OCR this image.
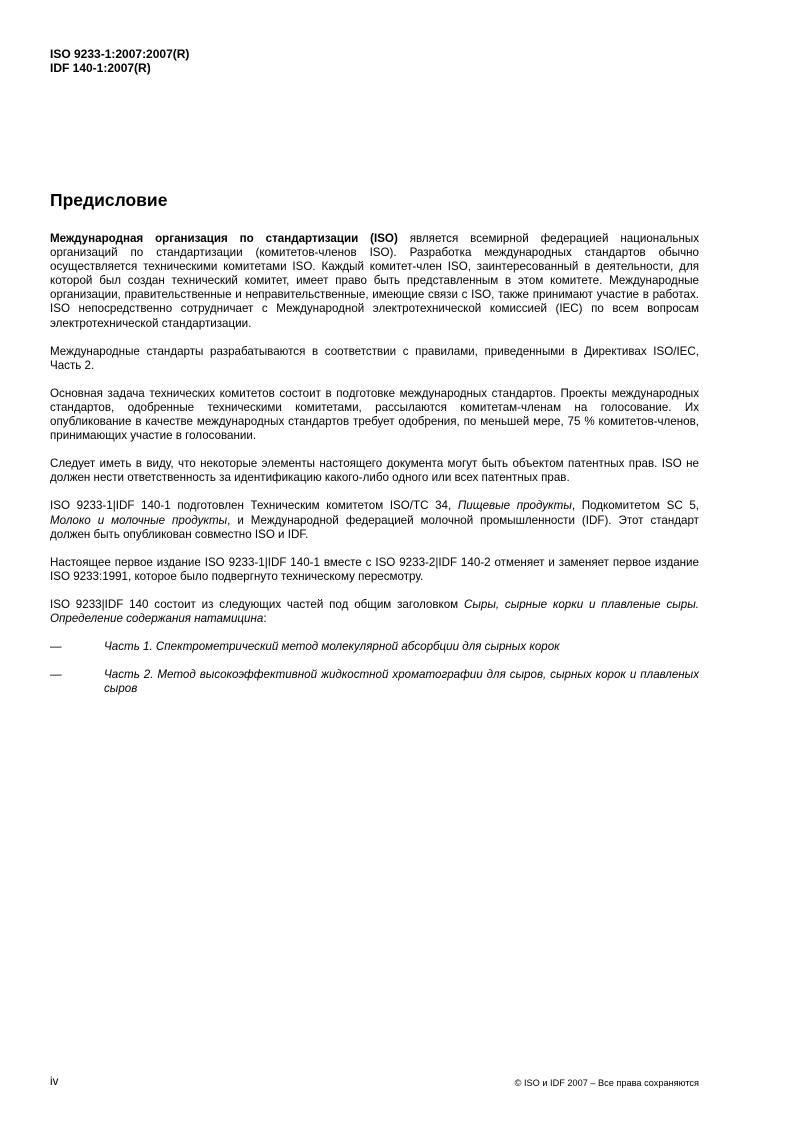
ISO 9233-1:2007:2007(R)
IDF 140-1:2007(R)
Предисловие

Международная организация по стандартизации (ISO) является всемирной федерацией национальных организаций по стандартизации (комитетов-членов ISO). Разработка международных стандартов обычно осуществляется техническими комитетами ISO. Каждый комитет-член ISO, заинтересованный в деятельности, для которой был создан технический комитет, имеет право быть представленным в этом комитете. Международные организации, правительственные и неправительственные, имеющие связи с ISO, также принимают участие в работах. ISO непосредственно сотрудничает с Международной электротехнической комиссией (IEC) по всем вопросам электротехнической стандартизации.

Международные стандарты разрабатываются в соответствии с правилами, приведенными в Директивах ISO/IEC, Часть 2.

Основная задача технических комитетов состоит в подготовке международных стандартов. Проекты международных стандартов, одобренные техническими комитетами, рассылаются комитетам-членам на голосование. Их опубликование в качестве международных стандартов требует одобрения, по меньшей мере, 75 % комитетов-членов, принимающих участие в голосовании.

Следует иметь в виду, что некоторые элементы настоящего документа могут быть объектом патентных прав. ISO не должен нести ответственность за идентификацию какого-либо одного или всех патентных прав.

ISO 9233-1|IDF 140-1 подготовлен Техническим комитетом ISO/TC 34, Пищевые продукты, Подкомитетом SC 5, Молоко и молочные продукты, и Международной федерацией молочной промышленности (IDF). Этот стандарт должен быть опубликован совместно ISO и IDF.

Настоящее первое издание ISO 9233-1|IDF 140-1 вместе с ISO 9233-2|IDF 140-2 отменяет и заменяет первое издание ISO 9233:1991, которое было подвергнуто техническому пересмотру.

ISO 9233|IDF 140 состоит из следующих частей под общим заголовком Сыры, сырные корки и плавленые сыры. Определение содержания натамицина:

—	Часть 1. Спектрометрический метод молекулярной абсорбции для сырных корок
—	Часть 2. Метод высокоэффективной жидкостной хроматографии для сыров, сырных корок и плавленых сыров
iv	© ISO и IDF 2007 – Все права сохраняются
